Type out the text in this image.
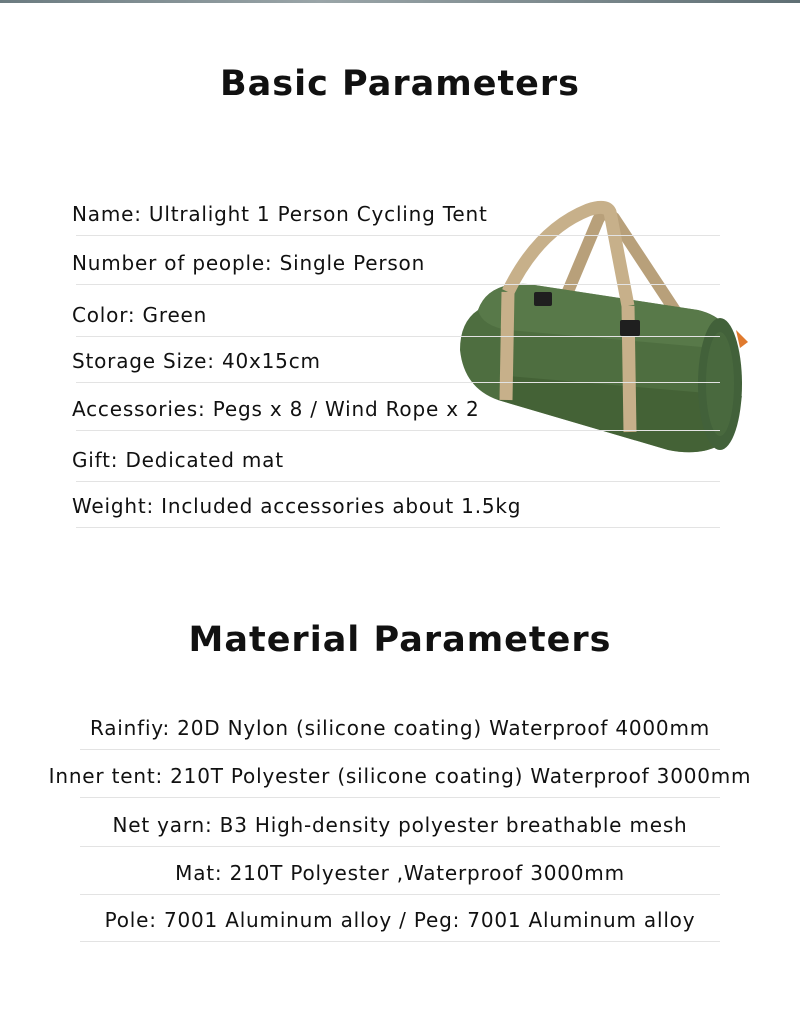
Basic Parameters
Name: Ultralight 1 Person Cycling Tent
Number of people: Single Person
Color: Green
Storage Size: 40x15cm
Accessories: Pegs x 8 / Wind Rope x 2
Gift: Dedicated mat
Weight: Included accessories about 1.5kg
Material Parameters
Rainfiy: 20D Nylon (silicone coating) Waterproof 4000mm
Inner tent: 210T Polyester (silicone coating) Waterproof 3000mm
Net yarn: B3 High-density polyester breathable mesh
Mat: 210T Polyester ,Waterproof 3000mm
Pole: 7001 Aluminum alloy / Peg: 7001 Aluminum alloy
